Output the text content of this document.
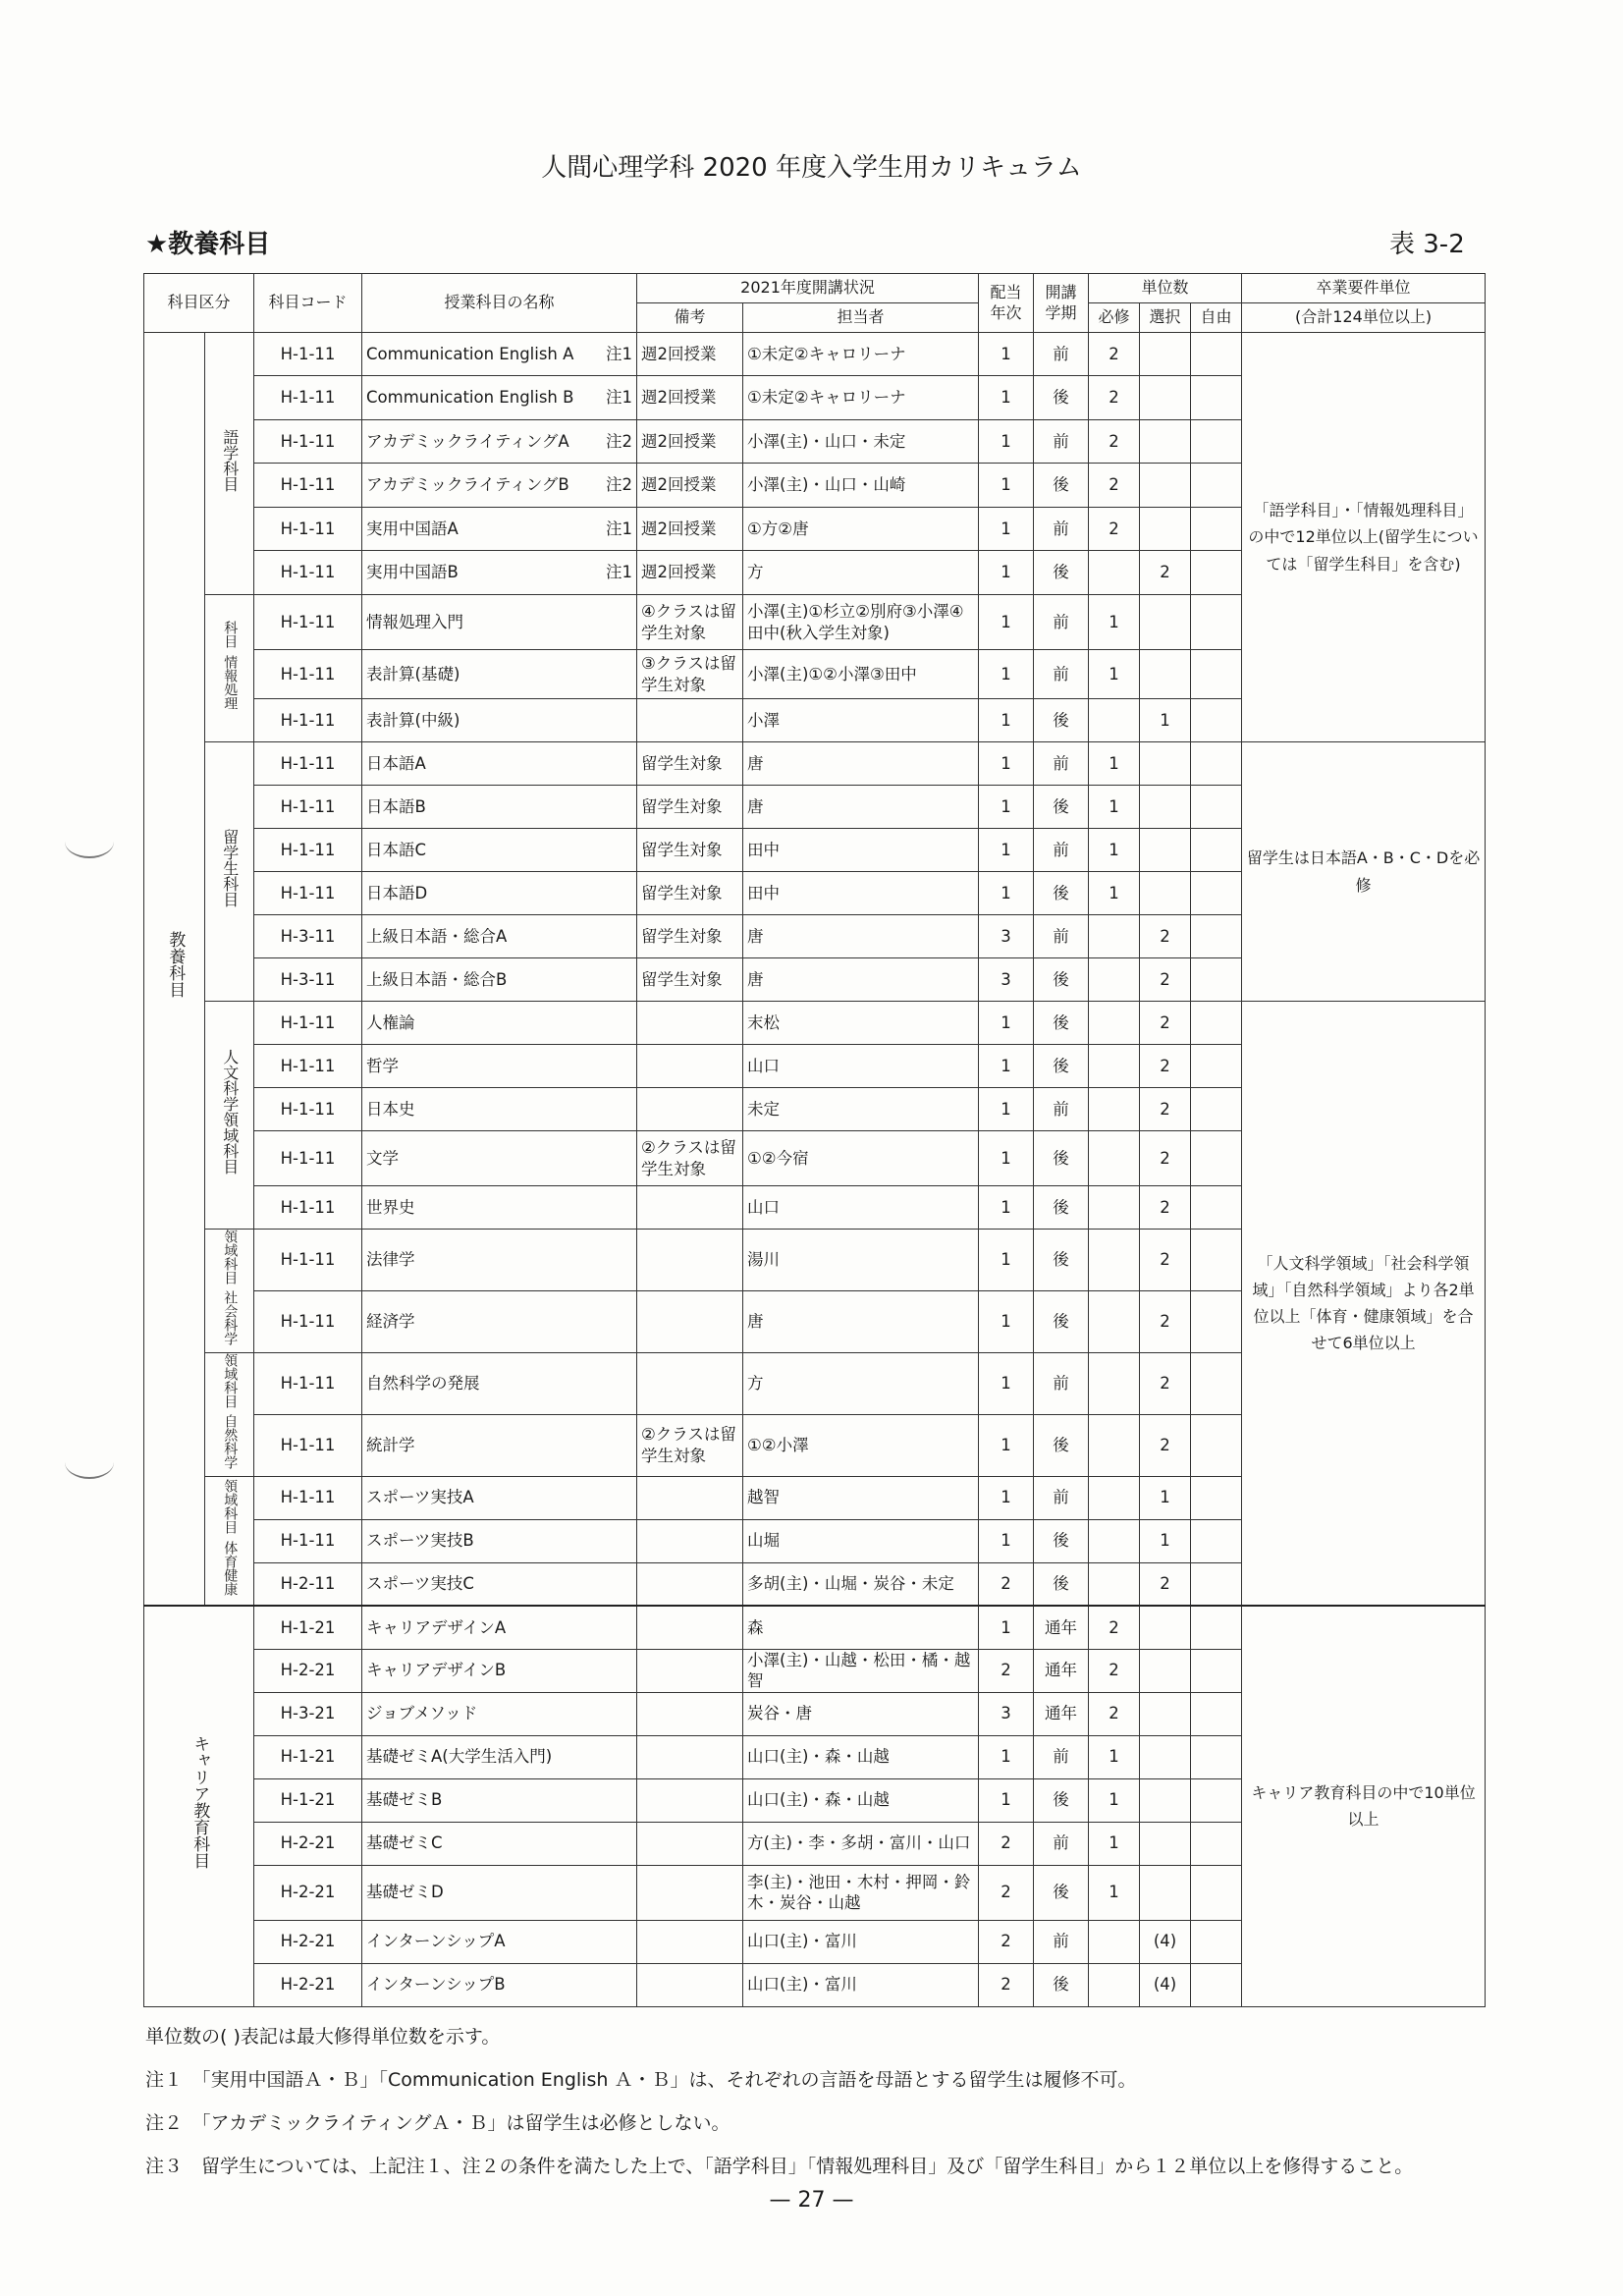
人間心理学科 2020 年度入学生用カリキュラム
★教養科目	表 3-2
科目区分		科目コード	授業科目の名称	2021年度開講状況		配当年次	開講学期	単位数			卒業要件単位
				備考	担当者			必修	選択	自由	(合計124単位以上)
教養科目	語学科目	H-1-11	Communication English A 注1	週2回授業	①未定②キャロリーナ	1	前	2			「語学科目」・「情報処理科目」の中で12単位以上(留学生については「留学生科目」を含む)
		H-1-11	Communication English B 注1	週2回授業	①未定②キャロリーナ	1	後	2			
		H-1-11	アカデミックライティングA 注2	週2回授業	小澤(主)・山口・未定	1	前	2			
		H-1-11	アカデミックライティングB 注2	週2回授業	小澤(主)・山口・山崎	1	後	2			
		H-1-11	実用中国語A 注1	週2回授業	①方②唐	1	前	2			
		H-1-11	実用中国語B 注1	週2回授業	方	1	後		2		
	科目情報処理	H-1-11	情報処理入門	④クラスは留学生対象	小澤(主)①杉立②別府③小澤④田中(秋入学生対象)	1	前	1			
		H-1-11	表計算(基礎)	③クラスは留学生対象	小澤(主)①②小澤③田中	1	前	1			
		H-1-11	表計算(中級)		小澤	1	後		1		
	留学生科目	H-1-11	日本語A	留学生対象	唐	1	前	1			留学生は日本語A・B・C・Dを必修
		H-1-11	日本語B	留学生対象	唐	1	後	1			
		H-1-11	日本語C	留学生対象	田中	1	前	1			
		H-1-11	日本語D	留学生対象	田中	1	後	1			
		H-3-11	上級日本語・総合A	留学生対象	唐	3	前		2		
		H-3-11	上級日本語・総合B	留学生対象	唐	3	後		2		
	人文科学領域科目	H-1-11	人権論		末松	1	後		2		「人文科学領域」「社会科学領域」「自然科学領域」より各2単位以上「体育・健康領域」を合せて6単位以上
		H-1-11	哲学		山口	1	後		2		
		H-1-11	日本史		未定	1	前		2		
		H-1-11	文学	②クラスは留学生対象	①②今宿	1	後		2		
		H-1-11	世界史		山口	1	後		2		
	領域科目社会科学	H-1-11	法律学		湯川	1	後		2		
		H-1-11	経済学		唐	1	後		2		
	領域科目自然科学	H-1-11	自然科学の発展		方	1	前		2		
		H-1-11	統計学	②クラスは留学生対象	①②小澤	1	後		2		
	領域科目体育健康	H-1-11	スポーツ実技A		越智	1	前		1		
		H-1-11	スポーツ実技B		山堀	1	後		1		
		H-2-11	スポーツ実技C		多胡(主)・山堀・炭谷・未定	2	後		2		
キャリア教育科目		H-1-21	キャリアデザインA		森	1	通年	2			キャリア教育科目の中で10単位以上
		H-2-21	キャリアデザインB		小澤(主)・山越・松田・橘・越智	2	通年	2			
		H-3-21	ジョブメソッド		炭谷・唐	3	通年	2			
		H-1-21	基礎ゼミA(大学生活入門)		山口(主)・森・山越	1	前	1			
		H-1-21	基礎ゼミB		山口(主)・森・山越	1	後	1			
		H-2-21	基礎ゼミC		方(主)・李・多胡・富川・山口	2	前	1			
		H-2-21	基礎ゼミD		李(主)・池田・木村・押岡・鈴木・炭谷・山越	2	後	1			
		H-2-21	インターンシップA		山口(主)・富川	2	前		(4)		
		H-2-21	インターンシップB		山口(主)・富川	2	後		(4)		
単位数の( )表記は最大修得単位数を示す。
注１　「実用中国語Ａ・Ｂ」「Communication English Ａ・Ｂ」は、それぞれの言語を母語とする留学生は履修不可。
注２　「アカデミックライティングＡ・Ｂ」は留学生は必修としない。
注３　留学生については、上記注１、注２の条件を満たした上で、「語学科目」「情報処理科目」及び「留学生科目」から１２単位以上を修得すること。
— 27 —
